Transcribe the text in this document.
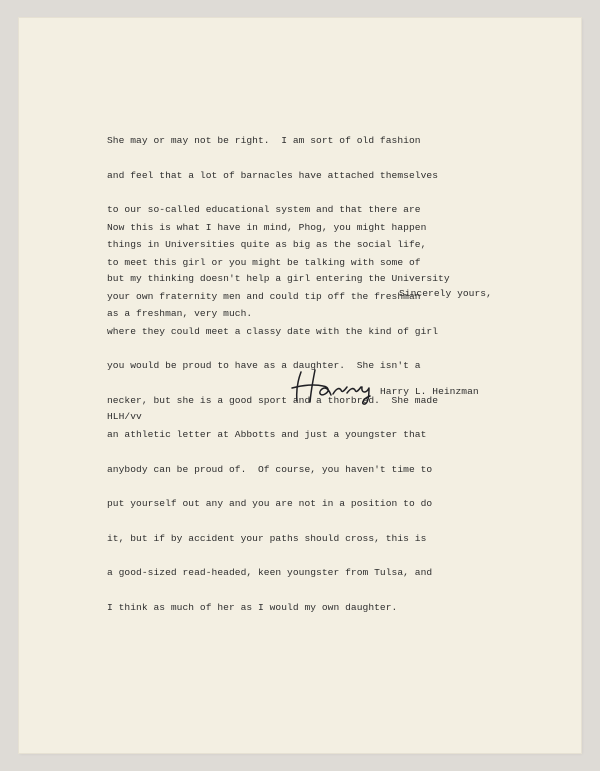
She may or may not be right.  I am sort of old fashion

and feel that a lot of barnacles have attached themselves

to our so-called educational system and that there are

things in Universities quite as big as the social life,

but my thinking doesn't help a girl entering the University

as a freshman, very much.

Now this is what I have in mind, Phog, you might happen

to meet this girl or you might be talking with some of

your own fraternity men and could tip off the freshman

where they could meet a classy date with the kind of girl

you would be proud to have as a daughter.  She isn't a

necker, but she is a good sport and a thorbred.  She made

an athletic letter at Abbotts and just a youngster that

anybody can be proud of.  Of course, you haven't time to

put yourself out any and you are not in a position to do

it, but if by accident your paths should cross, this is

a good-sized read-headed, keen youngster from Tulsa, and

I think as much of her as I would my own daughter.

Sincerely yours,
Harry L. Heinzman
HLH/vv
